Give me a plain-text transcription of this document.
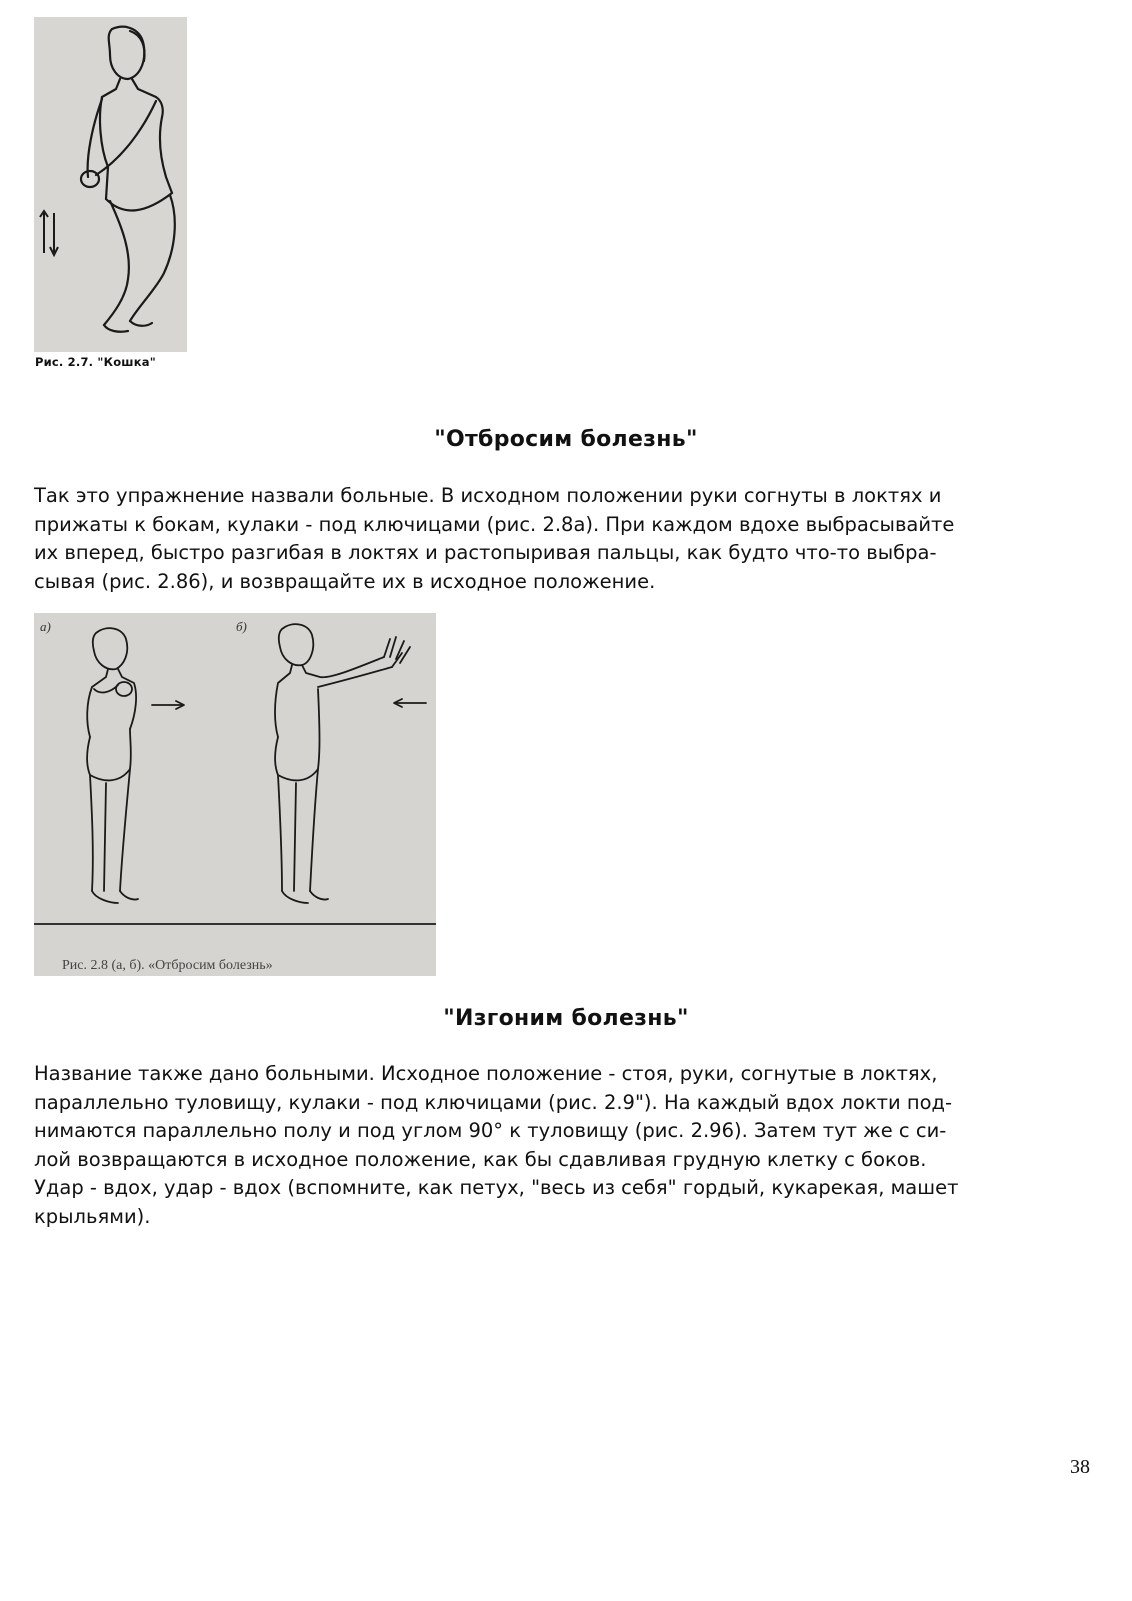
Рис. 2.7. "Кошка"
"Отбросим болезнь"

Так это упражнение назвали больные. В исходном положении руки согнуты в локтях и
прижаты к бокам, кулаки - под ключицами (рис. 2.8а). При каждом вдохе выбрасывайте
их вперед, быстро разгибая в локтях и растопыривая пальцы, как будто что-то выбра-
сывая (рис. 2.86), и возвращайте их в исходное положение.

а)	б)
Рис. 2.8 (а, б). «Отбросим болезнь»
"Изгоним болезнь"

Название также дано больными. Исходное положение - стоя, руки, согнутые в локтях,
параллельно туловищу, кулаки - под ключицами (рис. 2.9"). На каждый вдох локти под-
нимаются параллельно полу и под углом 90° к туловищу (рис. 2.96). Затем тут же с си-
лой возвращаются в исходное положение, как бы сдавливая грудную клетку с боков.
Удар - вдох, удар - вдох (вспомните, как петух, "весь из себя" гордый, кукарекая, машет
крыльями).

38
